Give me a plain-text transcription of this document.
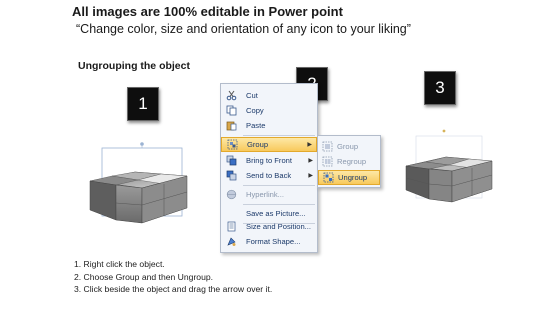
All images are 100% editable in Power point
“Change color, size and orientation of any icon to your liking”
Ungrouping the object
1
3
Cut
Copy
Paste
Group	▶
Bring to Front	▶
Send to Back	▶
Hyperlink...
Save as Picture...
Size and Position...
Format Shape...
Group
Regroup
Ungroup
1. Right click the object.
2. Choose Group and then Ungroup.
3. Click beside the object and drag the arrow over it.
